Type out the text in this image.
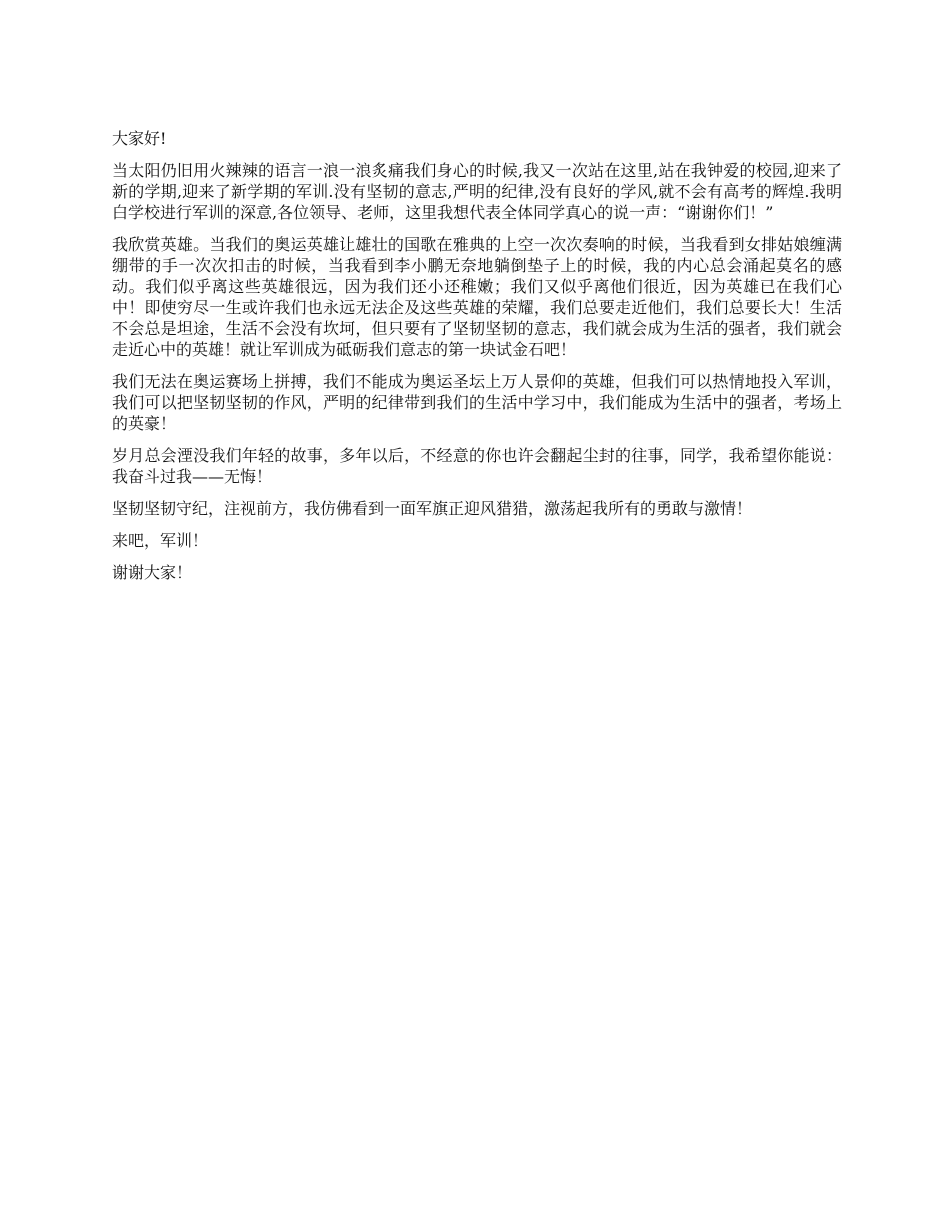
大家好!

当太阳仍旧用火辣辣的语言一浪一浪炙痛我们身心的时候,我又一次站在这里,站在我钟爱的校园,迎来了新的学期,迎来了新学期的军训.没有坚韧的意志,严明的纪律,没有良好的学风,就不会有高考的辉煌.我明白学校进行军训的深意,各位领导、老师，这里我想代表全体同学真心的说一声：“谢谢你们！”

我欣赏英雄。当我们的奥运英雄让雄壮的国歌在雅典的上空一次次奏响的时候，当我看到女排姑娘缠满绷带的手一次次扣击的时候，当我看到李小鹏无奈地躺倒垫子上的时候，我的内心总会涌起莫名的感动。我们似乎离这些英雄很远，因为我们还小还稚嫩；我们又似乎离他们很近，因为英雄已在我们心中！即使穷尽一生或许我们也永远无法企及这些英雄的荣耀，我们总要走近他们，我们总要长大！生活不会总是坦途，生活不会没有坎坷，但只要有了坚韧坚韧的意志，我们就会成为生活的强者，我们就会走近心中的英雄！就让军训成为砥砺我们意志的第一块试金石吧！

我们无法在奥运赛场上拼搏，我们不能成为奥运圣坛上万人景仰的英雄，但我们可以热情地投入军训，我们可以把坚韧坚韧的作风，严明的纪律带到我们的生活中学习中，我们能成为生活中的强者，考场上的英豪！

岁月总会湮没我们年轻的故事，多年以后，不经意的你也许会翻起尘封的往事，同学，我希望你能说：我奋斗过我——无悔！

坚韧坚韧守纪，注视前方，我仿佛看到一面军旗正迎风猎猎，激荡起我所有的勇敢与激情！

来吧，军训！

谢谢大家！
